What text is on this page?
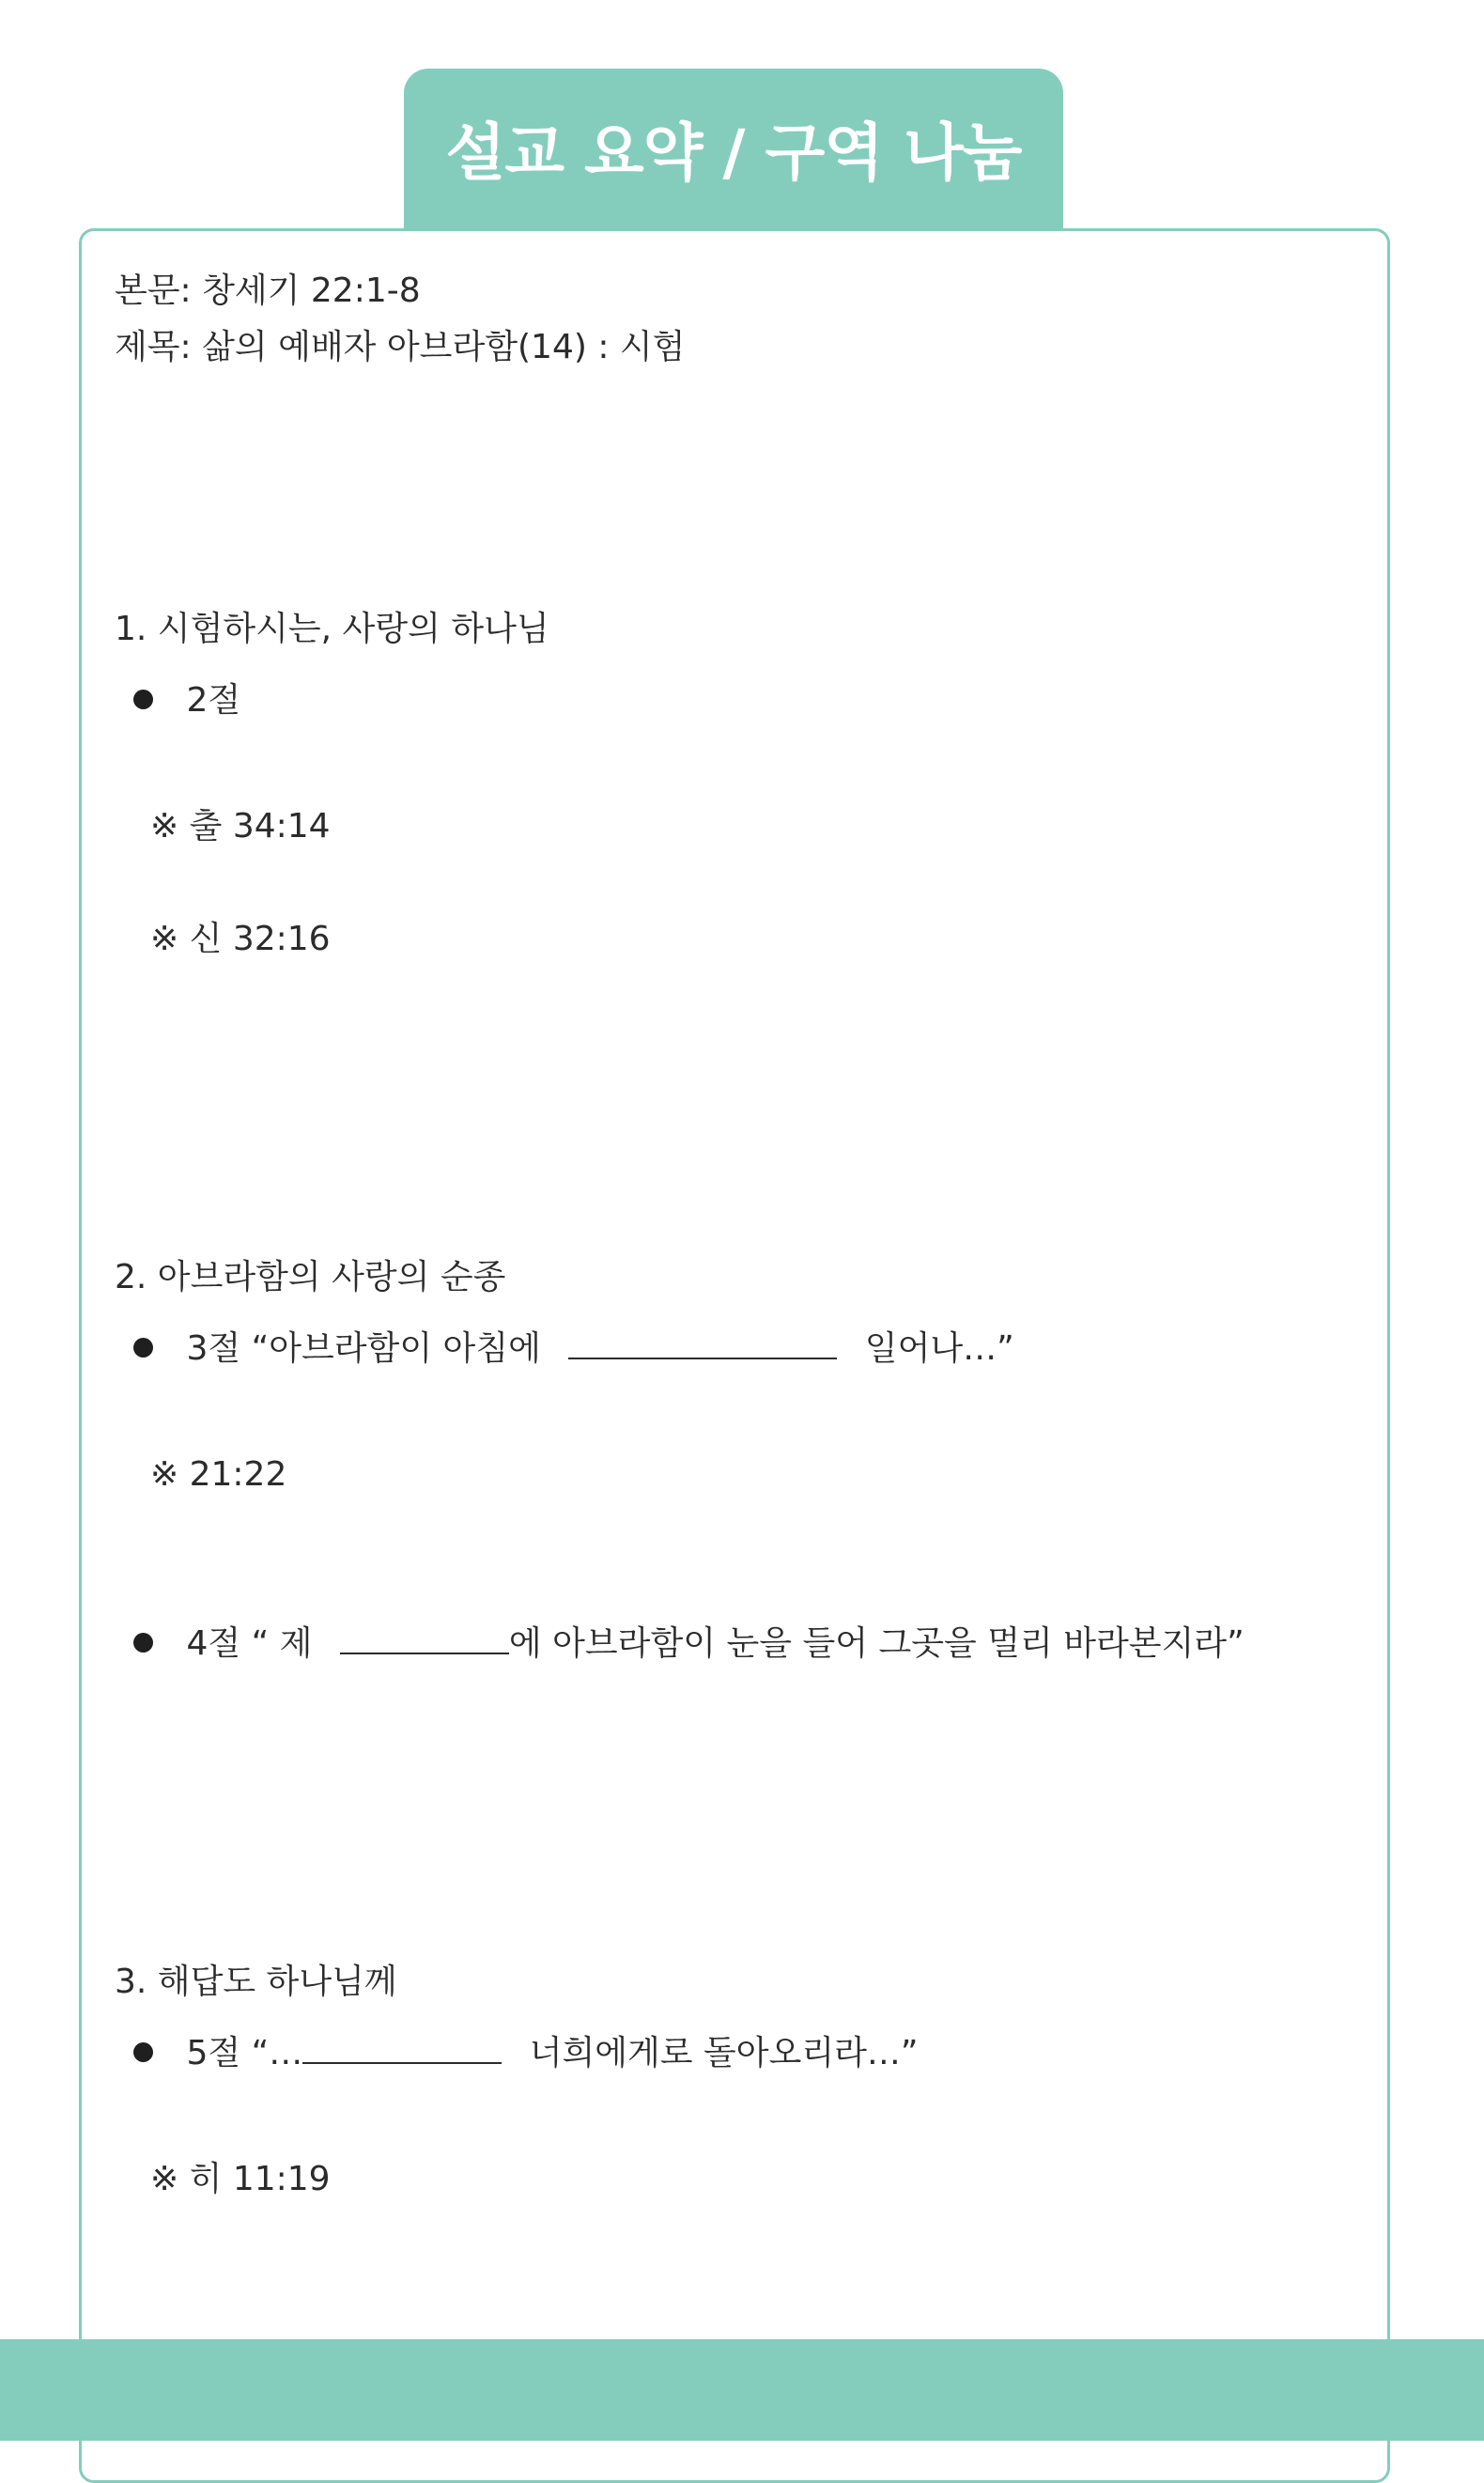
설교 요약 / 구역 나눔
본문: 창세기 22:1-8
제목: 삶의 예배자 아브라함(14) : 시험
1. 시험하시는, 사랑의 하나님
2절
※ 출 34:14
※ 신 32:16
2. 아브라함의 사랑의 순종
3절 “아브라함이 아침에	일어나…”
※ 21:22
4절 “ 제	에 아브라함이 눈을 들어 그곳을 멀리 바라본지라”
3. 해답도 하나님께
5절 “…	너희에게로 돌아오리라…”
※ 히 11:19
